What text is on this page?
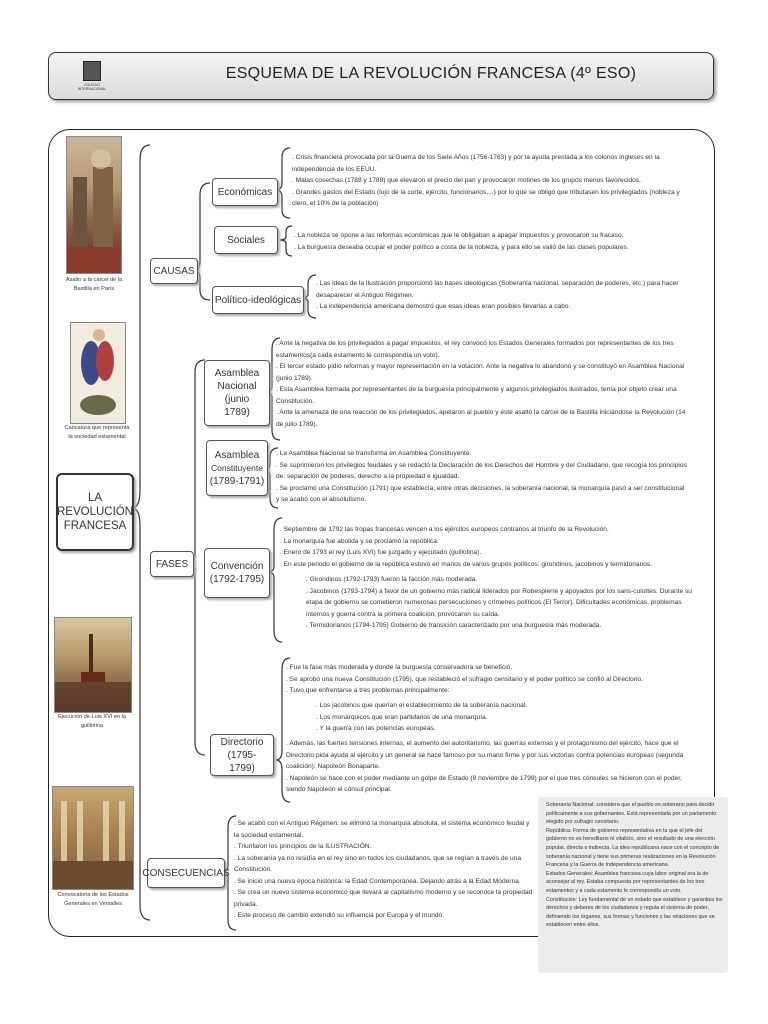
COLEGIO INTERNACIONAL
ESQUEMA DE LA REVOLUCIÓN FRANCESA (4º ESO)
LA REVOLUCIÓN FRANCESA
CAUSAS
FASES
CONSECUENCIAS
Económicas
Sociales
Político-ideológicas
Asamblea Nacional (junio 1789)
Asamblea
Constituyente
(1789-1791)
Convención (1792-1795)
Directorio (1795-1799)

. Crisis financiera provocada por la Guerra de los Siete Años (1756-1763) y por la ayuda prestada a los colonos ingleses en la independencia de los EEUU.

. Malas cosechas (1788 y 1789) que elevaron el precio del pan y provocaron motines de los grupos menos favorecidos.

. Grandes gastos del Estado (lujo de la corte, ejército, funcionarios,...) por lo que se obligó que tributasen los privilegiados (nobleza y clero, el 10% de la población)

. La nobleza se opone a las reformas económicas que le obligaban a apagar impuestos y provocaron su fracaso.

. La burguesía deseaba ocupar el poder político a costa de la nobleza, y para ello se valió de las clases populares.

. Las ideas de la Ilustración proporcionó las bases ideológicas (Soberanía nacional, separación de poderes, etc.) para hacer desaparecer el Antiguo Régimen.

. La independencia americana demostró que esas ideas eran posibles llevarlas a cabo.

. Ante la negativa de los privilegiados a pagar impuestos, el rey convocó los Estados Generales formados por representantes de los tres estamentos(a cada estamento le correspondía un voto).

. El tercer estado pidió reformas y mayor representación en la votación. Ante la negativa lo abandonó y se constituyó en Asamblea Nacional (junio 1789).

. Esta Asamblea formada por representantes de la burguesía principalmente y algunos privilegiados ilustrados, tenía por objeto crear una Constitución.

. Ante la amenaza de una reacción de los privilegiados, apelaron al pueblo y éste asaltó la cárcel de la Bastilla iniciándose la Revolución (14 de julio 1789).

. La Asamblea Nacional se transforma en Asamblea Constituyente.

. Se suprimieron los privilegios feudales y se redactó la Declaración de los Derechos del Hombre y del Ciudadano, que recogía los principios de: separación de poderes, derecho a la propiedad e igualdad.

. Se proclamó una Constitución (1791) que establecía, entre otras decisiones, la soberanía nacional, la monarquía pasó a ser constitucional y se acabó con el absolutismo.

. Septiembre de 1792 las tropas francesas vencen a los ejércitos europeos contrarios al triunfo de la Revolución.

. La monarquía fue abolida y se proclamó la república.

. Enero de 1793 el rey (Luis XVI) fue juzgado y ejecutado (guillotina).

. En este periodo el gobierno de la república estuvo en manos de varios grupos políticos: girondinos, jacobinos y termidorianos.

. Girondinos (1792-1793) fueron la facción más moderada.

. Jacobinos (1793-1794) a favor de un gobierno más radical liderados por Robespierre y apoyados por los sans-culottes. Durante su etapa de gobierno se cometieron numerosas persecuciones y crímenes políticos (El Terror). Dificultades económicas, problemas internos y guerra contra la primera coalición, provocaron su caída.

. Termidorianos (1794-1795) Gobierno de transición caracterizado por una burguesía más moderada.

. Fue la fase más moderada y donde la burguesía conservadora se benefició.

. Se aprobó una nueva Constitución (1795), que restableció el sufragio censitario y el poder político se confió al Directorio.

. Tuvo que enfrentarse a tres problemas principalmente:

. Los jacobinos que querían el establecimiento de la soberanía nacional.

. Los monárquicos que eran partidarios de una monarquía.

. Y la guerra con las potencias europeas.

. Además, las fuertes tensiones internas, el aumento del autoritarismo, las guerras externas y el protagonismo del ejército, hace que el Directorio pida ayuda al ejército y un general se hace famoso por su mano firme y por sus victorias contra potencias europeas (segunda coalición): Napoleón Bonaparte.

. Napoleón se hace con el poder mediante un golpe de Estado (9 noviembre de 1799) por el que tres cónsules se hicieron con el poder, siendo Napoleón el cónsul principal.

. Se acabó con el Antiguo Régimen: se eliminó la monarquía absoluta, el sistema económico feudal y la sociedad estamental.

. Triunfaron los principios de la ILUSTRACIÓN.

. La soberanía ya no residía en el rey sino en todos los ciudadanos, que se regían a través de una Constitución.

. Se inició una nueva época histórica: la Edad Contemporánea. Dejando atrás a la Edad Moderna.

. Se crea un nuevo sistema económico que llevará al capitalismo moderno y se reconoce la propiedad privada.

. Este proceso de cambio extendió su influencia por Europa y el mundo.

Soberanía Nacional: considera que el pueblo es soberano para decidir políticamente a sus gobernantes. Está representada por un parlamento elegido por sufragio censitario.

República: Forma de gobierno representativa en la que el jefe del gobierno no es hereditario ni vitalicio, sino el resultado de una elección popular, directa o indirecta. La idea republicana nace con el concepto de soberanía nacional y tiene sus primeras realizaciones en la Revolución Francesa y la Guerra de Independencia americana.

Estados Generales: Asamblea francesa cuya labor original era la de aconsejar al rey. Estaba compuesta por representantes de los tres estamentos y a cada estamento le correspondía un voto.

Constitución: Ley fundamental de un estado que establece y garantiza los derechos y deberes de los ciudadanos y regula el sistema de poder, definiendo los órganos, sus formas y funciones y las relaciones que se establecen entre ellos.

Asalto a la cárcel de la Bastilla en París
Caricatura que representa la sociedad estamental
Ejecución de Luis XVI en la guillotina
Convocatoria de los Estados Generales en Versalles
